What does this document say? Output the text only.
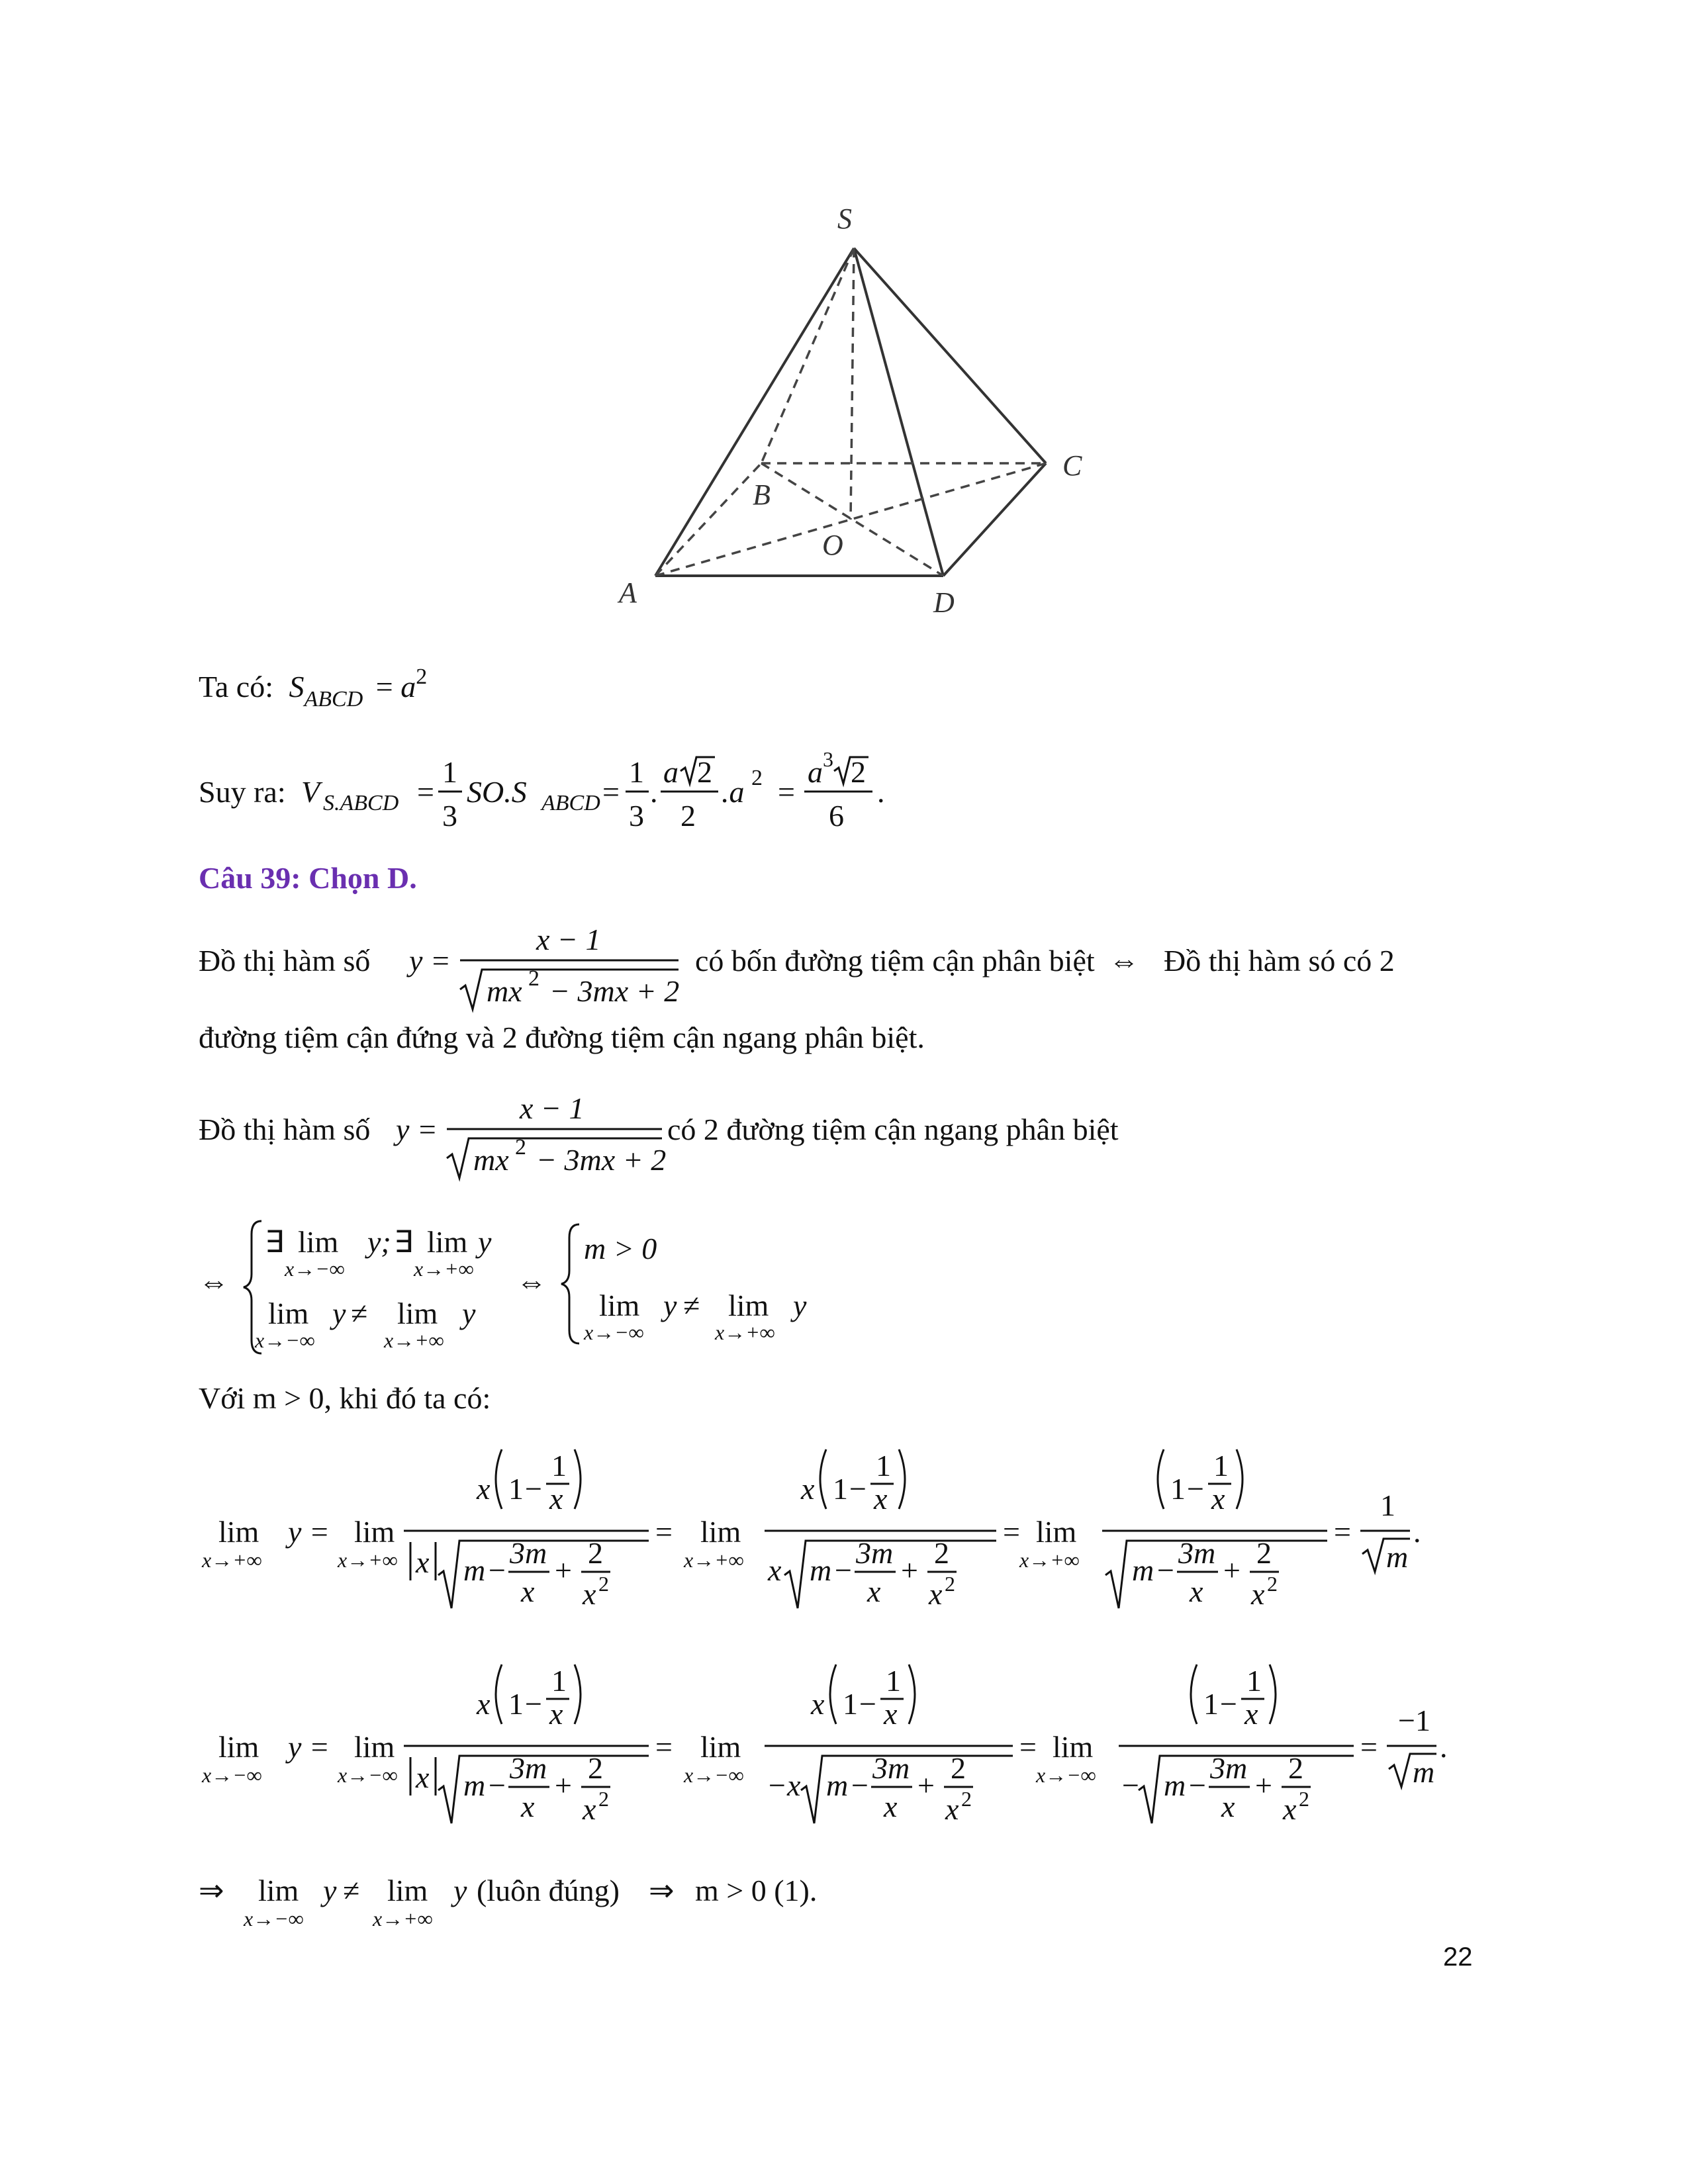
S
A
B
C
D
O
Ta có: $S_{ABCD} = a^2$
Suy ra: V S.ABCD =
1
3
SO.S ABCD =
1
3
.
a 2
2
.a 2 =
a 3 2
6
.
Câu 39: Chọn D.
Đồ thị hàm số y =
x − 1
mx 2 − 3mx + 2
có bốn đường tiệm cận phân biệt ⇔ Đồ thị hàm só có 2
đường tiệm cận đứng và 2 đường tiệm cận ngang phân biệt.
Đồ thị hàm số y =
x − 1
mx 2 − 3mx + 2
có 2 đường tiệm cận ngang phân biệt
⇔
∃ lim
x→−∞
y; ∃ lim
x→+∞
y
lim
x→−∞
y ≠ lim
x→+∞
y
⇔
m > 0
lim
x→−∞
y ≠ lim
x→+∞
y
Với m > 0, khi đó ta có:
lim
x→+∞
y = lim
x→+∞
x 1 −
1
x
x m −
3m
x
+
2
x 2
= lim
x→+∞
x 1 −
1
x
x m −
3m
x
+
2
x 2
= lim
x→+∞
1 −
1
x
m −
3m
x
+
2
x 2
=
1
m
.
lim
x→−∞
y = lim
x→−∞
x 1 −
1
x
x m −
3m
x
+
2
x 2
= lim
x→−∞
x 1 −
1
x
−x m −
3m
x
+
2
x 2
= lim
x→−∞
1 −
1
x
− m −
3m
x
+
2
x 2
=
−1
m
.
⇒ lim
x→−∞
y ≠ lim
x→+∞
y (luôn đúng) ⇒ m > 0 (1).
22
